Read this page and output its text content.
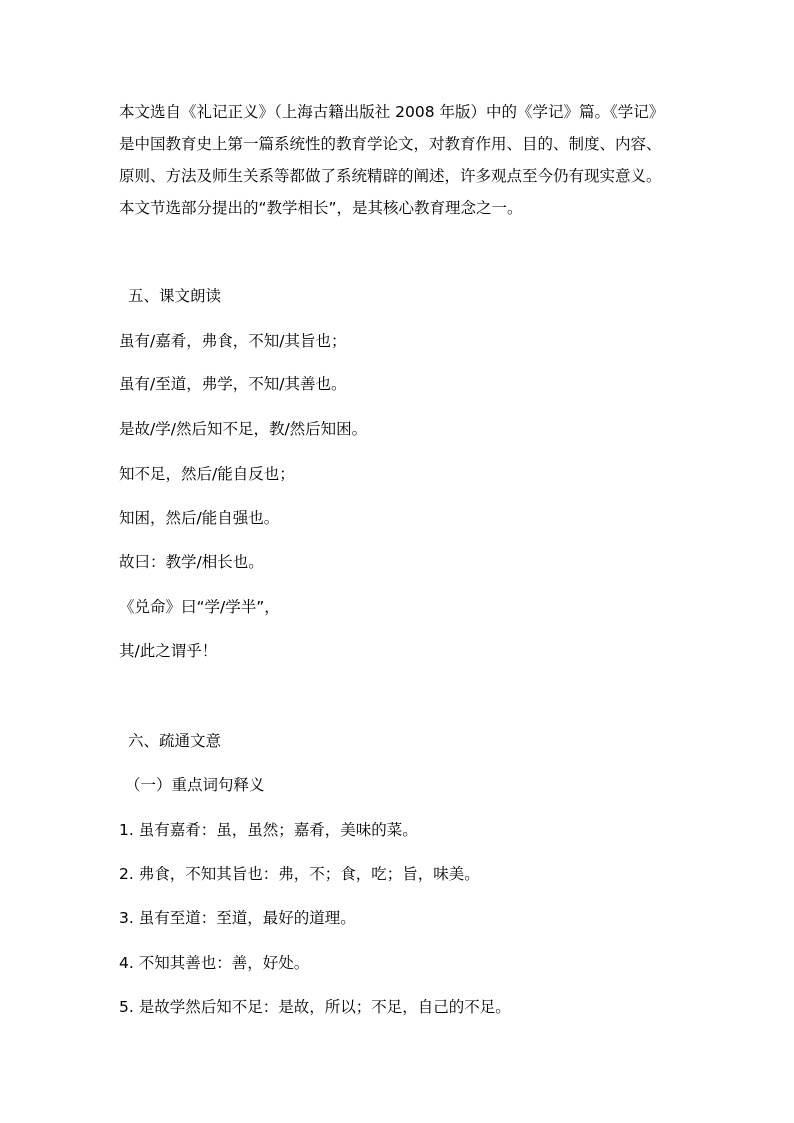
本文选自《礼记正义》（上海古籍出版社 2008 年版）中的《学记》篇。《学记》

是中国教育史上第一篇系统性的教育学论文，对教育作用、目的、制度、内容、

原则、方法及师生关系等都做了系统精辟的阐述，许多观点至今仍有现实意义。

本文节选部分提出的“教学相长”，是其核心教育理念之一。

五、课文朗读
虽有/嘉肴，弗食，不知/其旨也；
虽有/至道，弗学，不知/其善也。
是故/学/然后知不足，教/然后知困。
知不足，然后/能自反也；
知困，然后/能自强也。
故曰：教学/相长也。
《兑命》曰“学/学半”，
其/此之谓乎！
六、疏通文意
（一）重点词句释义
1. 虽有嘉肴：虽，虽然；嘉肴，美味的菜。
2. 弗食，不知其旨也：弗，不；食，吃；旨，味美。
3. 虽有至道：至道，最好的道理。
4. 不知其善也：善，好处。
5. 是故学然后知不足：是故，所以；不足，自己的不足。
